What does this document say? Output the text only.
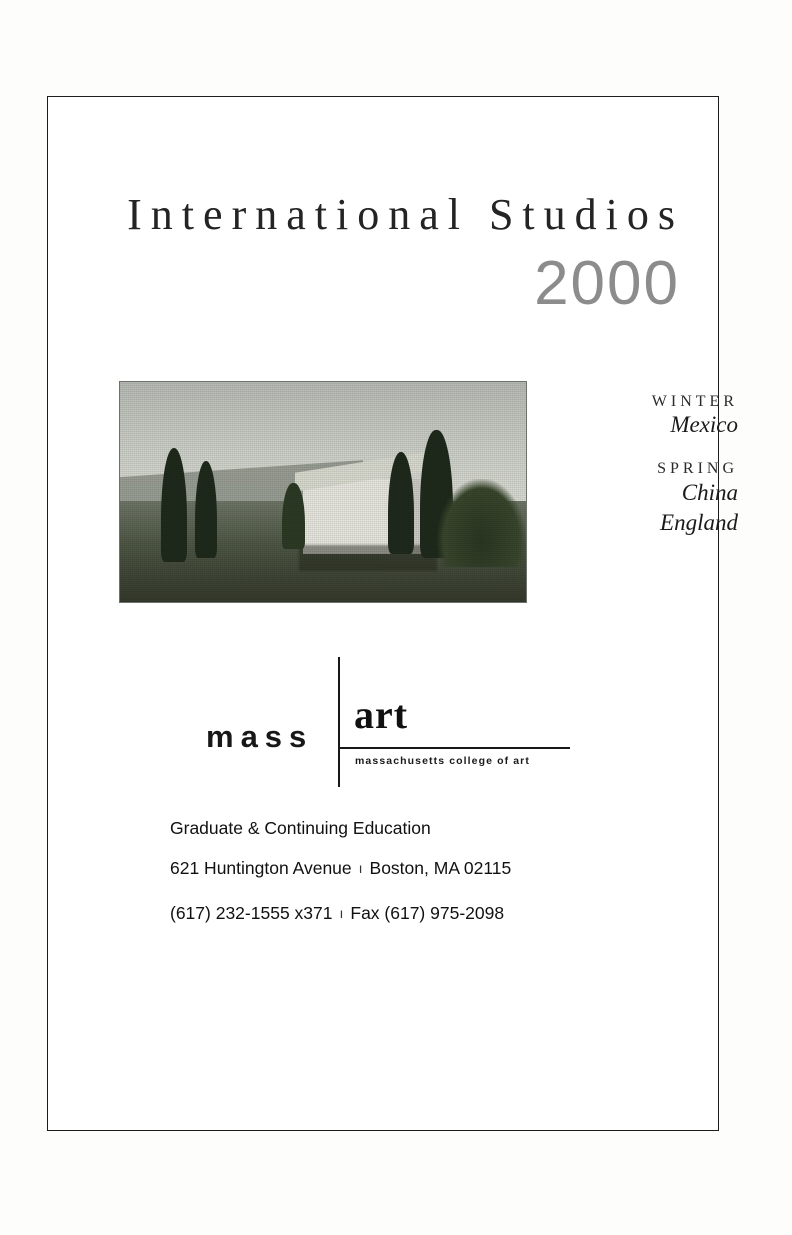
International Studios
2000
WINTER
Mexico
SPRING
China
England
mass art
massachusetts college of art
Graduate & Continuing Education
621 Huntington Avenue ı Boston, MA 02115
(617) 232-1555 x371 ı Fax (617) 975-2098
